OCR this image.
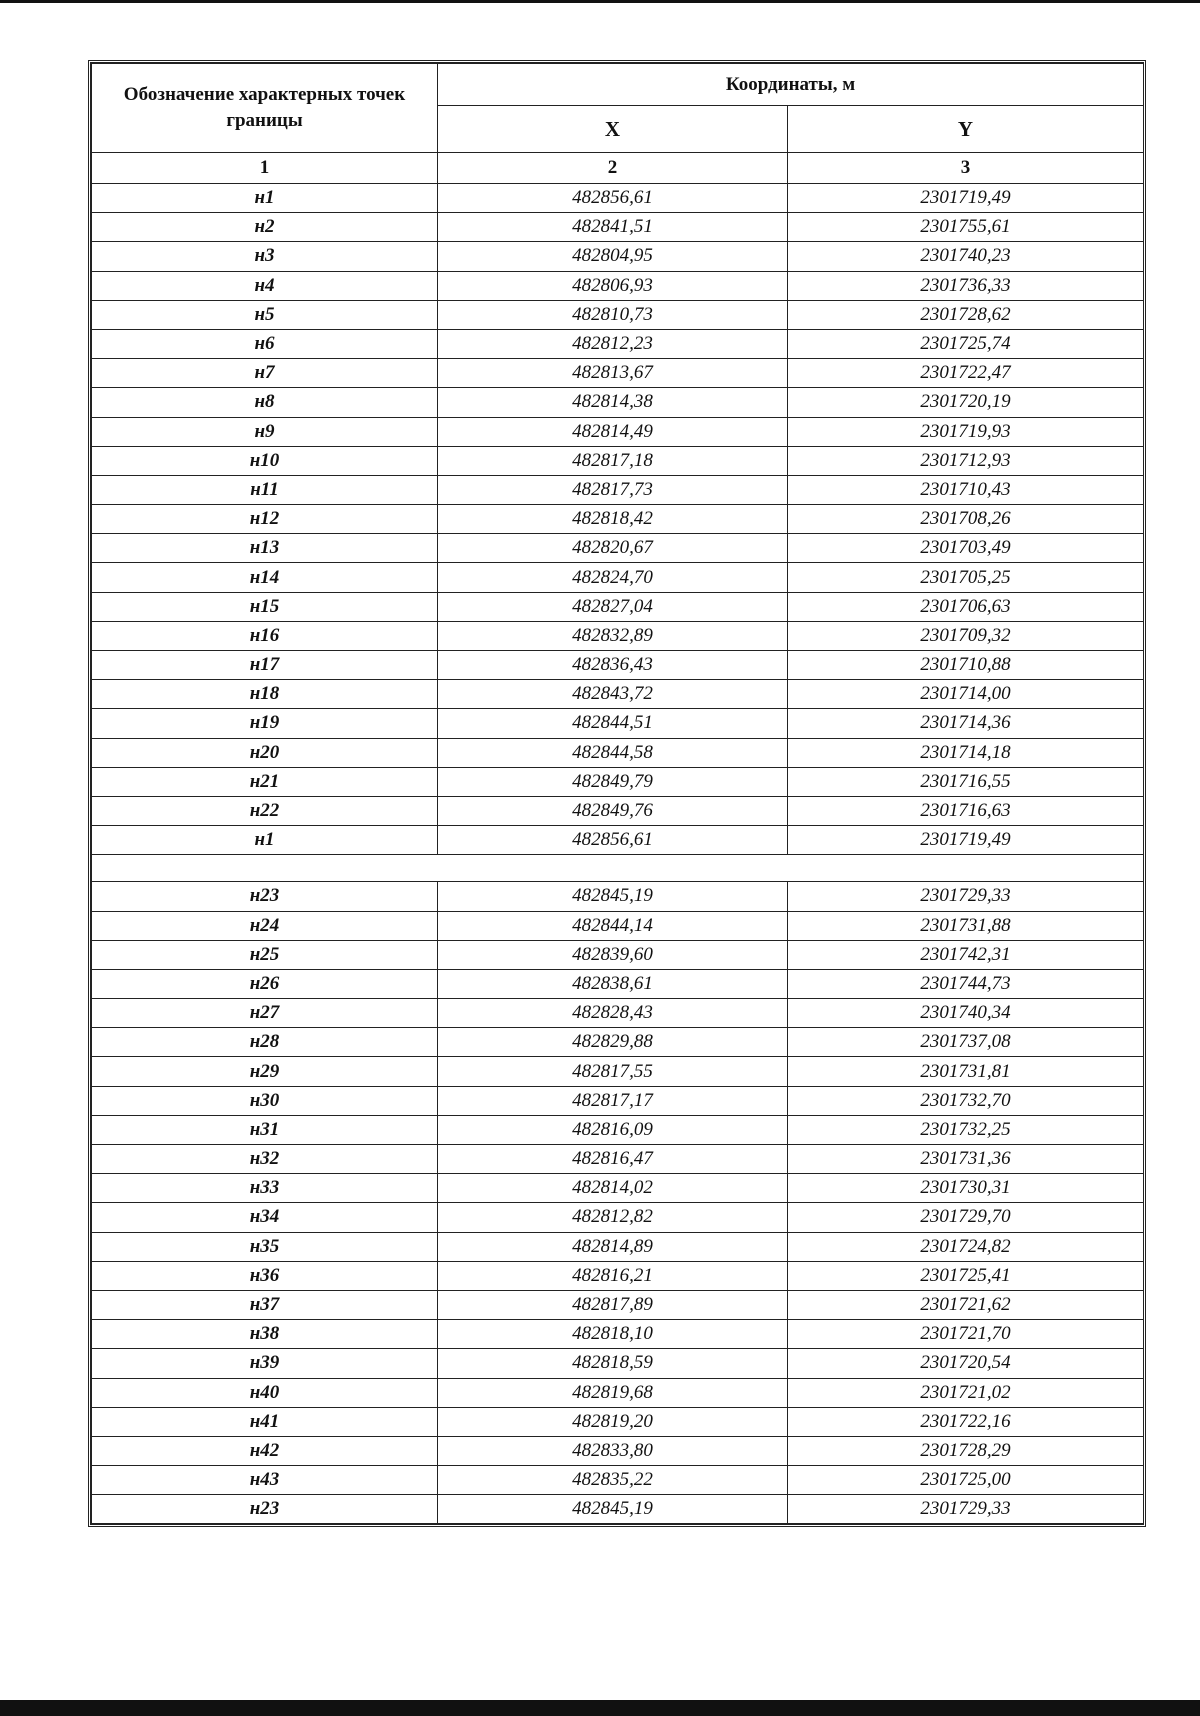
Обозначение характерных точек границы	Координаты, м	
	X	Y
1	2	3
н1	482856,61	2301719,49
н2	482841,51	2301755,61
н3	482804,95	2301740,23
н4	482806,93	2301736,33
н5	482810,73	2301728,62
н6	482812,23	2301725,74
н7	482813,67	2301722,47
н8	482814,38	2301720,19
н9	482814,49	2301719,93
н10	482817,18	2301712,93
н11	482817,73	2301710,43
н12	482818,42	2301708,26
н13	482820,67	2301703,49
н14	482824,70	2301705,25
н15	482827,04	2301706,63
н16	482832,89	2301709,32
н17	482836,43	2301710,88
н18	482843,72	2301714,00
н19	482844,51	2301714,36
н20	482844,58	2301714,18
н21	482849,79	2301716,55
н22	482849,76	2301716,63
н1	482856,61	2301719,49

н23	482845,19	2301729,33
н24	482844,14	2301731,88
н25	482839,60	2301742,31
н26	482838,61	2301744,73
н27	482828,43	2301740,34
н28	482829,88	2301737,08
н29	482817,55	2301731,81
н30	482817,17	2301732,70
н31	482816,09	2301732,25
н32	482816,47	2301731,36
н33	482814,02	2301730,31
н34	482812,82	2301729,70
н35	482814,89	2301724,82
н36	482816,21	2301725,41
н37	482817,89	2301721,62
н38	482818,10	2301721,70
н39	482818,59	2301720,54
н40	482819,68	2301721,02
н41	482819,20	2301722,16
н42	482833,80	2301728,29
н43	482835,22	2301725,00
н23	482845,19	2301729,33
